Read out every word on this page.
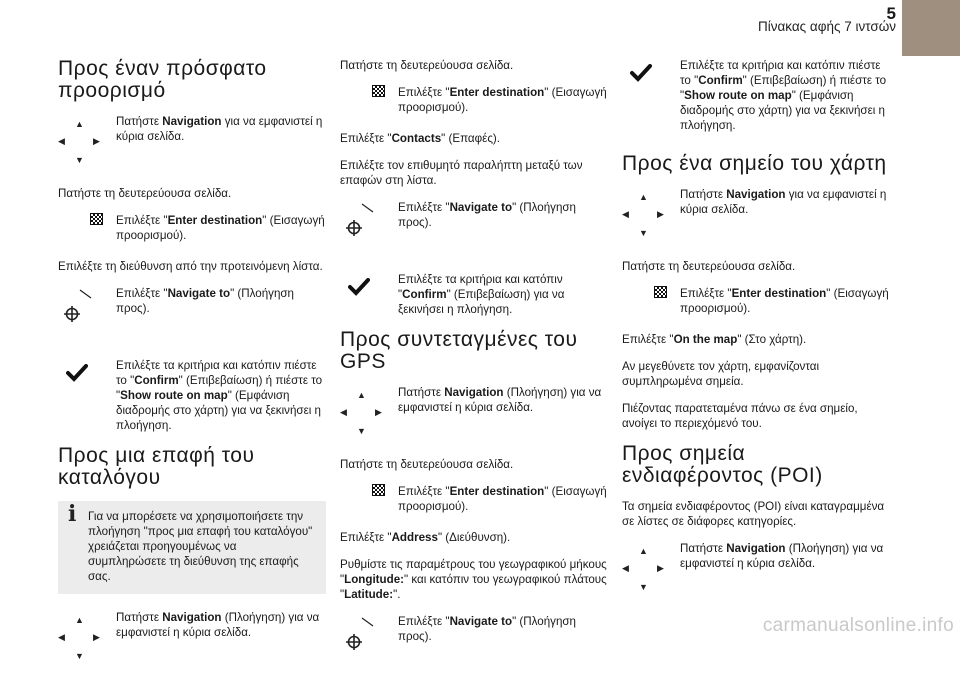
5
Πίνακας αφής 7 ιντσών
Προς έναν πρόσφατο προορισμό
▲
▼
◀	▶
Πατήστε Navigation για να εμφανιστεί η κύρια σελίδα.

Πατήστε τη δευτερεύουσα σελίδα.

Επιλέξτε "Enter destination" (Εισαγωγή προορισμού).

Επιλέξτε τη διεύθυνση από την προτεινόμενη λίστα.

Επιλέξτε "Navigate to" (Πλοήγηση προς).
Επιλέξτε τα κριτήρια και κατόπιν πιέστε το "Confirm" (Επιβεβαίωση) ή πιέστε το "Show route on map" (Εμφάνιση διαδρομής στο χάρτη) για να ξεκινήσει η πλοήγηση.
Προς μια επαφή του καταλόγου
i Για να μπορέσετε να χρησιμοποιήσετε την πλοήγηση "προς μια επαφή του καταλόγου" χρειάζεται προηγουμένως να συμπληρώσετε τη διεύθυνση της επαφής σας.
▲
▼
◀	▶
Πατήστε Navigation (Πλοήγηση) για να εμφανιστεί η κύρια σελίδα.

Πατήστε τη δευτερεύουσα σελίδα.

Επιλέξτε "Enter destination" (Εισαγωγή προορισμού).

Επιλέξτε "Contacts" (Επαφές).

Επιλέξτε τον επιθυμητό παραλήπτη μεταξύ των επαφών στη λίστα.

Επιλέξτε "Navigate to" (Πλοήγηση προς).
Επιλέξτε τα κριτήρια και κατόπιν "Confirm" (Επιβεβαίωση) για να ξεκινήσει η πλοήγηση.
Προς συντεταγμένες του GPS
▲
▼
◀	▶
Πατήστε Navigation (Πλοήγηση) για να εμφανιστεί η κύρια σελίδα.

Πατήστε τη δευτερεύουσα σελίδα.

Επιλέξτε "Enter destination" (Εισαγωγή προορισμού).

Επιλέξτε "Address" (Διεύθυνση).

Ρυθμίστε τις παραμέτρους του γεωγραφικού μήκους "Longitude:" και κατόπιν του γεωγραφικού πλάτους "Latitude:".

Επιλέξτε "Navigate to" (Πλοήγηση προς).
Επιλέξτε τα κριτήρια και κατόπιν πιέστε το "Confirm" (Επιβεβαίωση) ή πιέστε το "Show route on map" (Εμφάνιση διαδρομής στο χάρτη) για να ξεκινήσει η πλοήγηση.
Προς ένα σημείο του χάρτη
▲
▼
◀	▶
Πατήστε Navigation για να εμφανιστεί η κύρια σελίδα.

Πατήστε τη δευτερεύουσα σελίδα.

Επιλέξτε "Enter destination" (Εισαγωγή προορισμού).

Επιλέξτε "On the map" (Στο χάρτη).

Αν μεγεθύνετε τον χάρτη, εμφανίζονται συμπληρωμένα σημεία.

Πιέζοντας παρατεταμένα πάνω σε ένα σημείο, ανοίγει το περιεχόμενό του.

Προς σημεία ενδιαφέροντος (POI)

Τα σημεία ενδιαφέροντος (POI) είναι καταγραμμένα σε λίστες σε διάφορες κατηγορίες.

▲
▼
◀	▶
Πατήστε Navigation (Πλοήγηση) για να εμφανιστεί η κύρια σελίδα.
carmanualsonline.info
